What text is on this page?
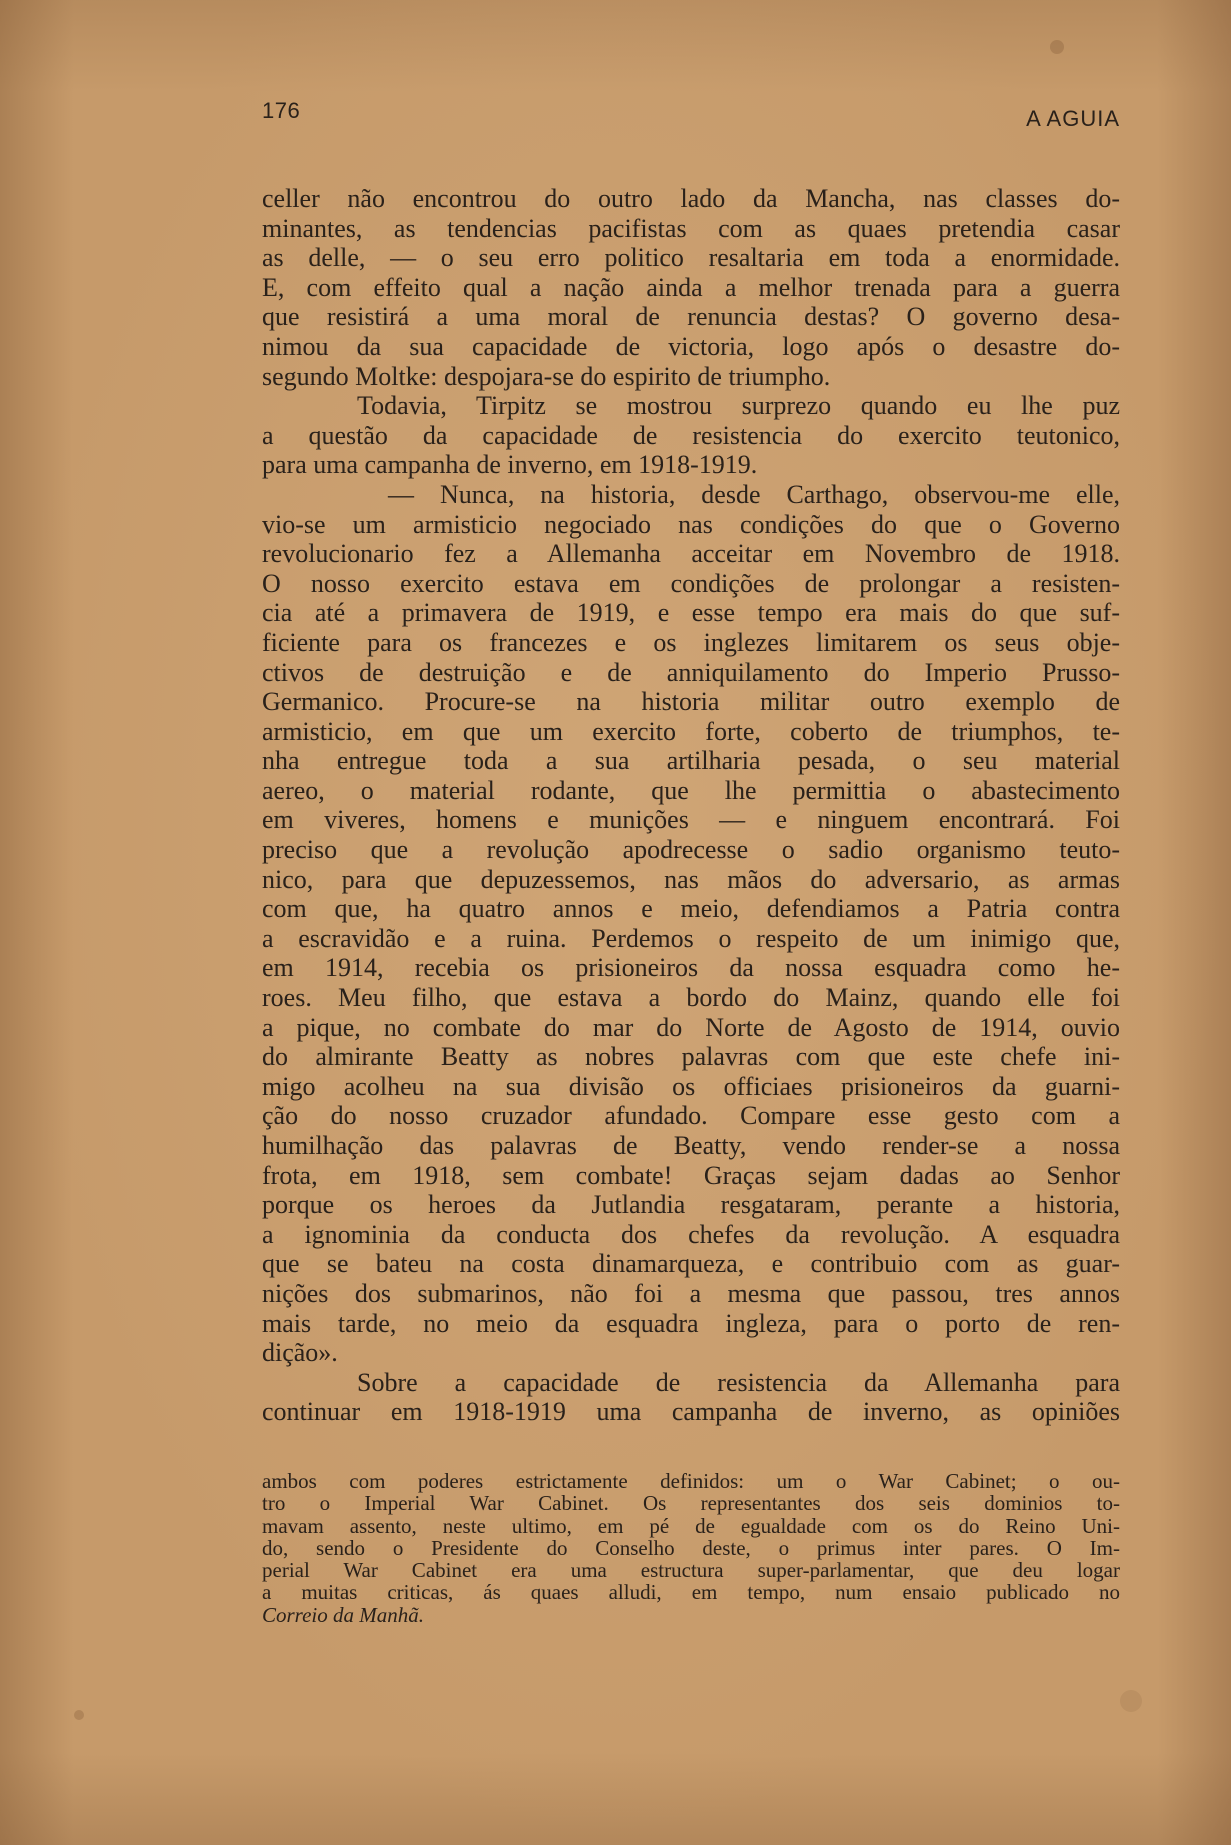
176	A AGUIA
celler não encontrou do outro lado da Mancha, nas classes do-
minantes, as tendencias pacifistas com as quaes pretendia casar
as delle, — o seu erro politico resaltaria em toda a enormidade.
E, com effeito qual a nação ainda a melhor trenada para a guerra
que resistirá a uma moral de renuncia destas? O governo desa-
nimou da sua capacidade de victoria, logo após o desastre do-
segundo Moltke: despojara-se do espirito de triumpho.
Todavia, Tirpitz se mostrou surprezo quando eu lhe puz
a questão da capacidade de resistencia do exercito teutonico,
para uma campanha de inverno, em 1918-1919.
— Nunca, na historia, desde Carthago, observou-me elle,
vio-se um armisticio negociado nas condições do que o Governo
revolucionario fez a Allemanha acceitar em Novembro de 1918.
O nosso exercito estava em condições de prolongar a resisten-
cia até a primavera de 1919, e esse tempo era mais do que suf-
ficiente para os francezes e os inglezes limitarem os seus obje-
ctivos de destruição e de anniquilamento do Imperio Prusso-
Germanico. Procure-se na historia militar outro exemplo de
armisticio, em que um exercito forte, coberto de triumphos, te-
nha entregue toda a sua artilharia pesada, o seu material
aereo, o material rodante, que lhe permittia o abastecimento
em viveres, homens e munições — e ninguem encontrará. Foi
preciso que a revolução apodrecesse o sadio organismo teuto-
nico, para que depuzessemos, nas mãos do adversario, as armas
com que, ha quatro annos e meio, defendiamos a Patria contra
a escravidão e a ruina. Perdemos o respeito de um inimigo que,
em 1914, recebia os prisioneiros da nossa esquadra como he-
roes. Meu filho, que estava a bordo do Mainz, quando elle foi
a pique, no combate do mar do Norte de Agosto de 1914, ouvio
do almirante Beatty as nobres palavras com que este chefe ini-
migo acolheu na sua divisão os officiaes prisioneiros da guarni-
ção do nosso cruzador afundado. Compare esse gesto com a
humilhação das palavras de Beatty, vendo render-se a nossa
frota, em 1918, sem combate! Graças sejam dadas ao Senhor
porque os heroes da Jutlandia resgataram, perante a historia,
a ignominia da conducta dos chefes da revolução. A esquadra
que se bateu na costa dinamarqueza, e contribuio com as guar-
nições dos submarinos, não foi a mesma que passou, tres annos
mais tarde, no meio da esquadra ingleza, para o porto de ren-
dição».
Sobre a capacidade de resistencia da Allemanha para
continuar em 1918-1919 uma campanha de inverno, as opiniões
ambos com poderes estrictamente definidos: um o War Cabinet; o ou-
tro o Imperial War Cabinet. Os representantes dos seis dominios to-
mavam assento, neste ultimo, em pé de egualdade com os do Reino Uni-
do, sendo o Presidente do Conselho deste, o primus inter pares. O Im-
perial War Cabinet era uma estructura super-parlamentar, que deu logar
a muitas criticas, ás quaes alludi, em tempo, num ensaio publicado no
Correio da Manhã.
